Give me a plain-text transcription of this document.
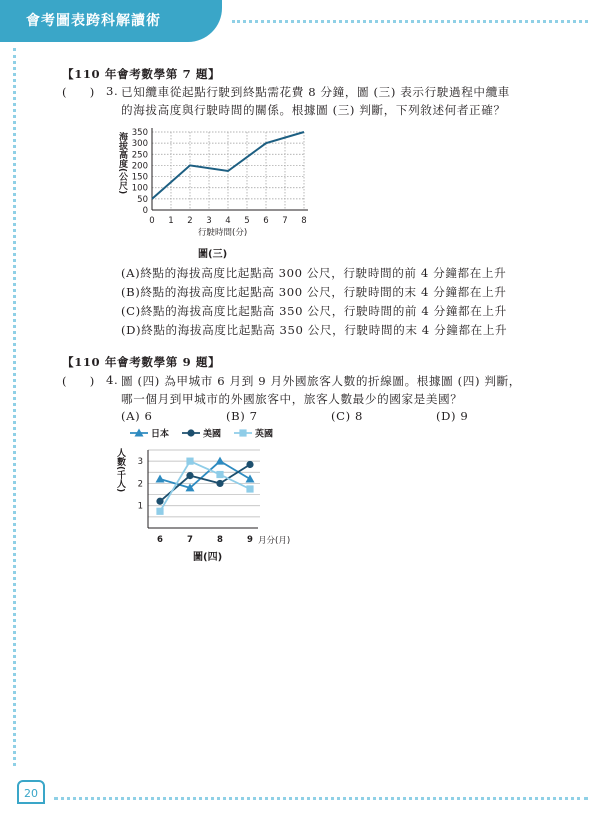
會考圖表跨科解讀術
20
【110 年會考數學第 7 題】
(　　) 3. 已知纜車從起點行駛到終點需花費 8 分鐘，圖 (三) 表示行駛過程中纜車
的海拔高度與行駛時間的關係。根據圖 (三) 判斷，下列敘述何者正確？
0
50
100
150
200
250
300
350
0 1 2 3 4 5 6 7 8
海拔高度(公尺)
行駛時間(分)
圖(三)
(A)終點的海拔高度比起點高 300 公尺，行駛時間的前 4 分鐘都在上升
(B)終點的海拔高度比起點高 300 公尺，行駛時間的末 4 分鐘都在上升
(C)終點的海拔高度比起點高 350 公尺，行駛時間的前 4 分鐘都在上升
(D)終點的海拔高度比起點高 350 公尺，行駛時間的末 4 分鐘都在上升
【110 年會考數學第 9 題】
(　　) 4. 圖 (四) 為甲城市 6 月到 9 月外國旅客人數的折線圖。根據圖 (四) 判斷，
哪一個月到甲城市的外國旅客中，旅客人數最少的國家是美國？
(A) 6	(B) 7	(C) 8	(D) 9
日本	美國	英國
1
2
3
6	7	8	9
人數(千人)
月分(月)
圖(四)
